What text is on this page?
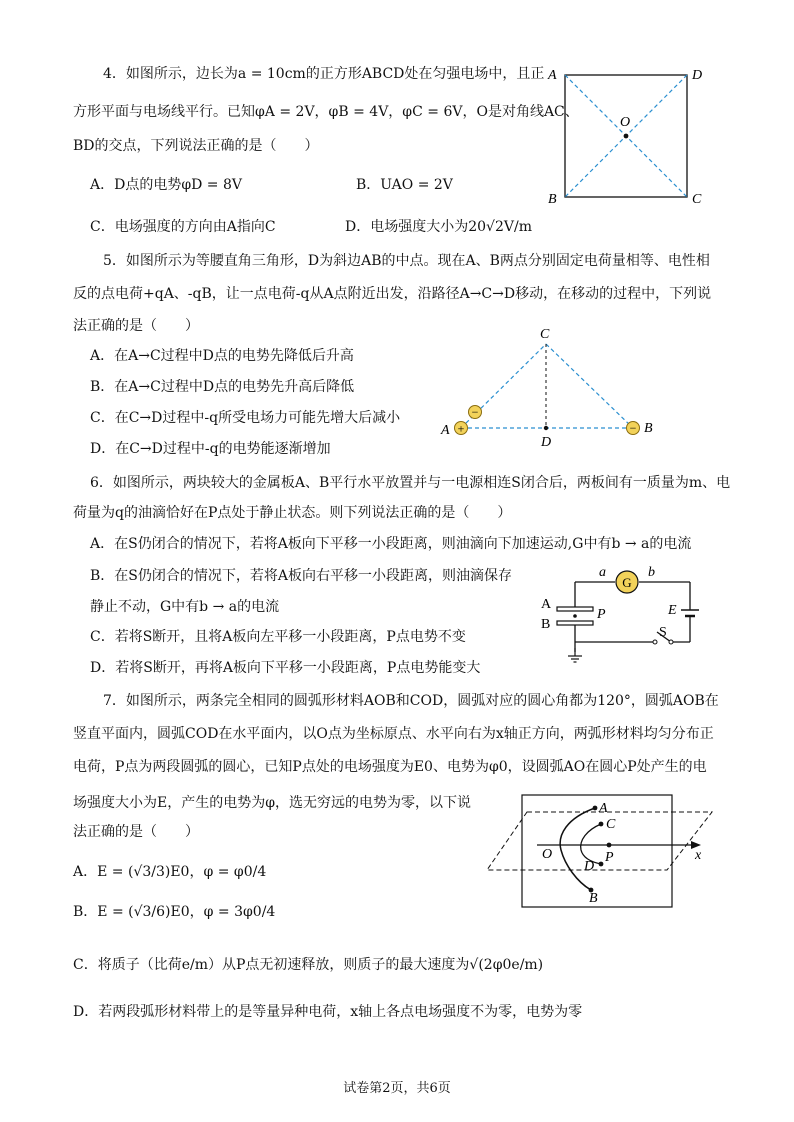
4．如图所示，边长为a = 10cm的正方形ABCD处在匀强电场中，且正
方形平面与电场线平行。已知φA = 2V，φB = 4V，φC = 6V，O是对角线AC、
BD的交点，下列说法正确的是（　　）
A．D点的电势φD = 8V	B．UAO = 2V
C．电场强度的方向由A指向C	D．电场强度大小为20√2V/m
A	D
B	C
O
5．如图所示为等腰直角三角形，D为斜边AB的中点。现在A、B两点分别固定电荷量相等、电性相
反的点电荷+qA、-qB，让一点电荷-q从A点附近出发，沿路径A→C→D移动，在移动的过程中，下列说
法正确的是（　　）
A．在A→C过程中D点的电势先降低后升高
B．在A→C过程中D点的电势先升高后降低
C．在C→D过程中-q所受电场力可能先增大后减小
D．在C→D过程中-q的电势能逐渐增加
+
−
−
A	B
C
D
6．如图所示，两块较大的金属板A、B平行水平放置并与一电源相连S闭合后，两板间有一质量为m、电
荷量为q的油滴恰好在P点处于静止状态。则下列说法正确的是（　　）
A．在S仍闭合的情况下，若将A板向下平移一小段距离，则油滴向下加速运动,G中有b → a的电流
B．在S仍闭合的情况下，若将A板向右平移一小段距离，则油滴保存
静止不动，G中有b → a的电流
C．若将S断开，且将A板向左平移一小段距离，P点电势不变
D．若将S断开，再将A板向下平移一小段距离，P点电势能变大
G
a	b
A
B
P	E
S
7．如图所示，两条完全相同的圆弧形材料AOB和COD，圆弧对应的圆心角都为120°，圆弧AOB在
竖直平面内，圆弧COD在水平面内，以O点为坐标原点、水平向右为x轴正方向，两弧形材料均匀分布正
电荷，P点为两段圆弧的圆心，已知P点处的电场强度为E0、电势为φ0，设圆弧AO在圆心P处产生的电
场强度大小为E，产生的电势为φ，选无穷远的电势为零，以下说
法正确的是（　　）
A．E = (√3/3)E0，φ = φ0/4
B．E = (√3/6)E0，φ = 3φ0/4
C．将质子（比荷e/m）从P点无初速释放，则质子的最大速度为√(2φ0e/m)
D．若两段弧形材料带上的是等量异种电荷，x轴上各点电场强度不为零，电势为零
A
C
O	P
D
B
x
试卷第2页，共6页
